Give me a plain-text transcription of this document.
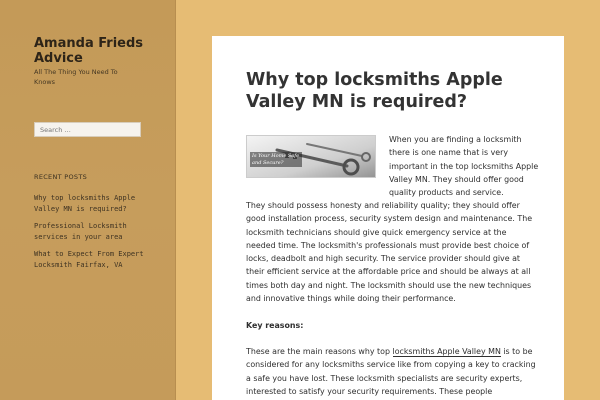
Amanda Frieds Advice
All The Thing You Need To Knows
Search …
RECENT POSTS
Why top locksmiths Apple Valley MN is required?
Professional Locksmith services in your area
What to Expect From Expert Locksmith Fairfax, VA
Why top locksmiths Apple Valley MN is required?
Is Your Home Safe and Secure?

When you are finding a locksmith there is one name that is very important in the top locksmiths Apple Valley MN. They should offer good quality products and service.

They should possess honesty and reliability quality; they should offer good installation process, security system design and maintenance. The locksmith technicians should give quick emergency service at the needed time. The locksmith's professionals must provide best choice of locks, deadbolt and high security. The service provider should give at their efficient service at the affordable price and should be always at all times both day and night. The locksmith should use the new techniques and innovative things while doing their performance.

Key reasons:

These are the main reasons why top locksmiths Apple Valley MN is to be considered for any locksmiths service like from copying a key to cracking a safe you have lost. These locksmith specialists are security experts, interested to satisfy your security requirements. These people
